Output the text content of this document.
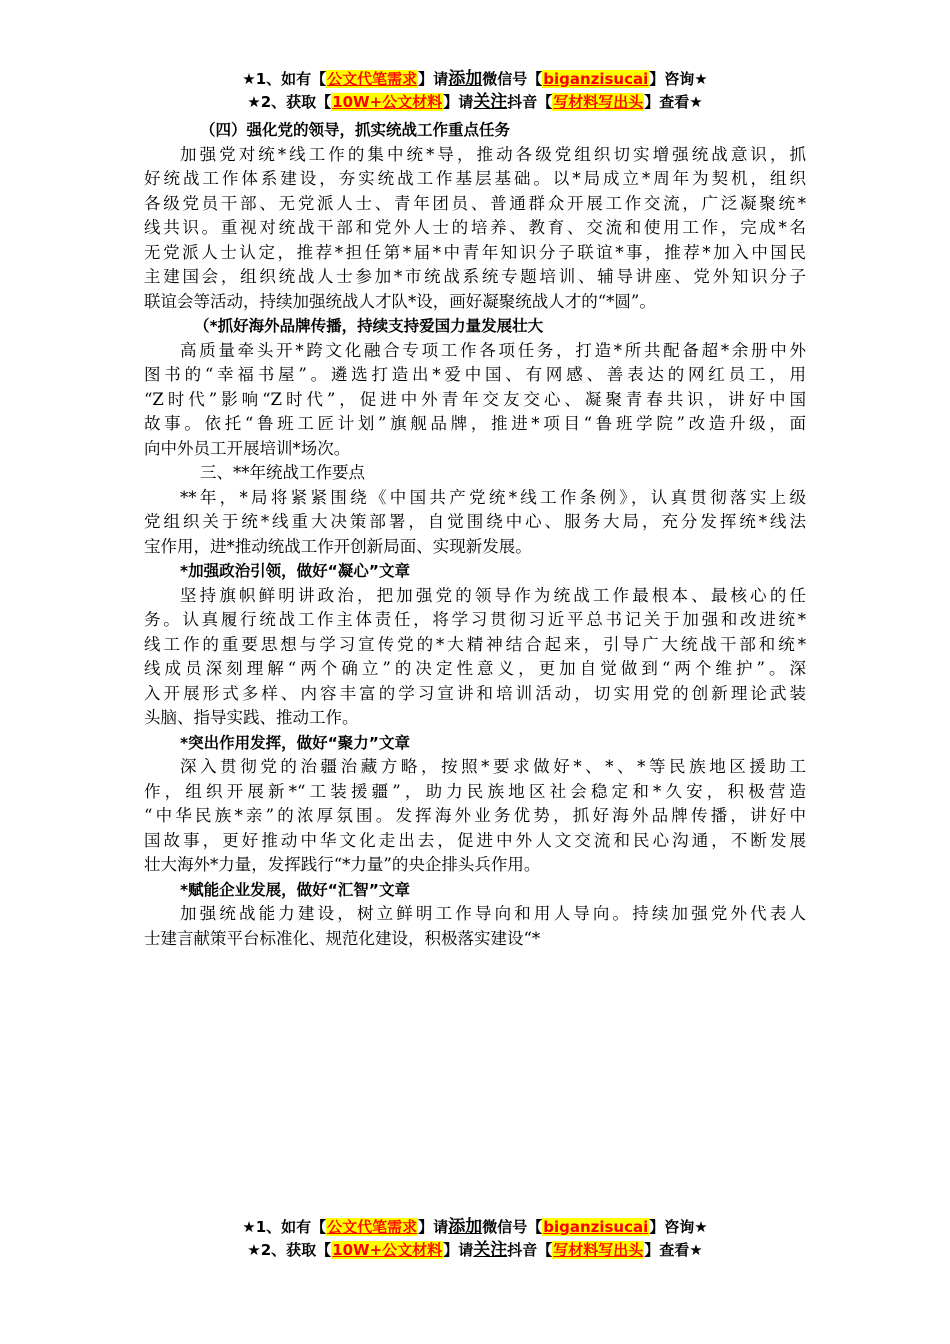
★1、如有【公文代笔需求】请添加微信号【biganzisucai】咨询★
★2、获取【10W+公文材料】请关注抖音【写材料写出头】查看★
（四）强化党的领导，抓实统战工作重点任务
加强党对统*线工作的集中统*导，推动各级党组织切实增强统战意识，抓
好统战工作体系建设，夯实统战工作基层基础。以*局成立*周年为契机，组织
各级党员干部、无党派人士、青年团员、普通群众开展工作交流，广泛凝聚统*
线共识。重视对统战干部和党外人士的培养、教育、交流和使用工作，完成*名
无党派人士认定，推荐*担任第*届*中青年知识分子联谊*事，推荐*加入中国民
主建国会，组织统战人士参加*市统战系统专题培训、辅导讲座、党外知识分子
联谊会等活动，持续加强统战人才队*设，画好凝聚统战人才的“*圆”。
（*抓好海外品牌传播，持续支持爱国力量发展壮大
高质量牵头开*跨文化融合专项工作各项任务，打造*所共配备超*余册中外
图书的“幸福书屋”。遴选打造出*爱中国、有网感、善表达的网红员工，用
“Z时代”影响“Z时代”，促进中外青年交友交心、凝聚青春共识，讲好中国
故事。依托“鲁班工匠计划”旗舰品牌，推进*项目“鲁班学院”改造升级，面
向中外员工开展培训*场次。
三、**年统战工作要点
**年，*局将紧紧围绕《中国共产党统*线工作条例》，认真贯彻落实上级
党组织关于统*线重大决策部署，自觉围绕中心、服务大局，充分发挥统*线法
宝作用，进*推动统战工作开创新局面、实现新发展。
*加强政治引领，做好“凝心”文章
坚持旗帜鲜明讲政治，把加强党的领导作为统战工作最根本、最核心的任
务。认真履行统战工作主体责任，将学习贯彻习近平总书记关于加强和改进统*
线工作的重要思想与学习宣传党的*大精神结合起来，引导广大统战干部和统*
线成员深刻理解“两个确立”的决定性意义，更加自觉做到“两个维护”。深
入开展形式多样、内容丰富的学习宣讲和培训活动，切实用党的创新理论武装
头脑、指导实践、推动工作。
*突出作用发挥，做好“聚力”文章
深入贯彻党的治疆治藏方略，按照*要求做好*、*、*等民族地区援助工
作，组织开展新*“工装援疆”，助力民族地区社会稳定和*久安，积极营造
“中华民族*亲”的浓厚氛围。发挥海外业务优势，抓好海外品牌传播，讲好中
国故事，更好推动中华文化走出去，促进中外人文交流和民心沟通，不断发展
壮大海外*力量，发挥践行“*力量”的央企排头兵作用。
*赋能企业发展，做好“汇智”文章
加强统战能力建设，树立鲜明工作导向和用人导向。持续加强党外代表人
士建言献策平台标准化、规范化建设，积极落实建设“*
★1、如有【公文代笔需求】请添加微信号【biganzisucai】咨询★
★2、获取【10W+公文材料】请关注抖音【写材料写出头】查看★
